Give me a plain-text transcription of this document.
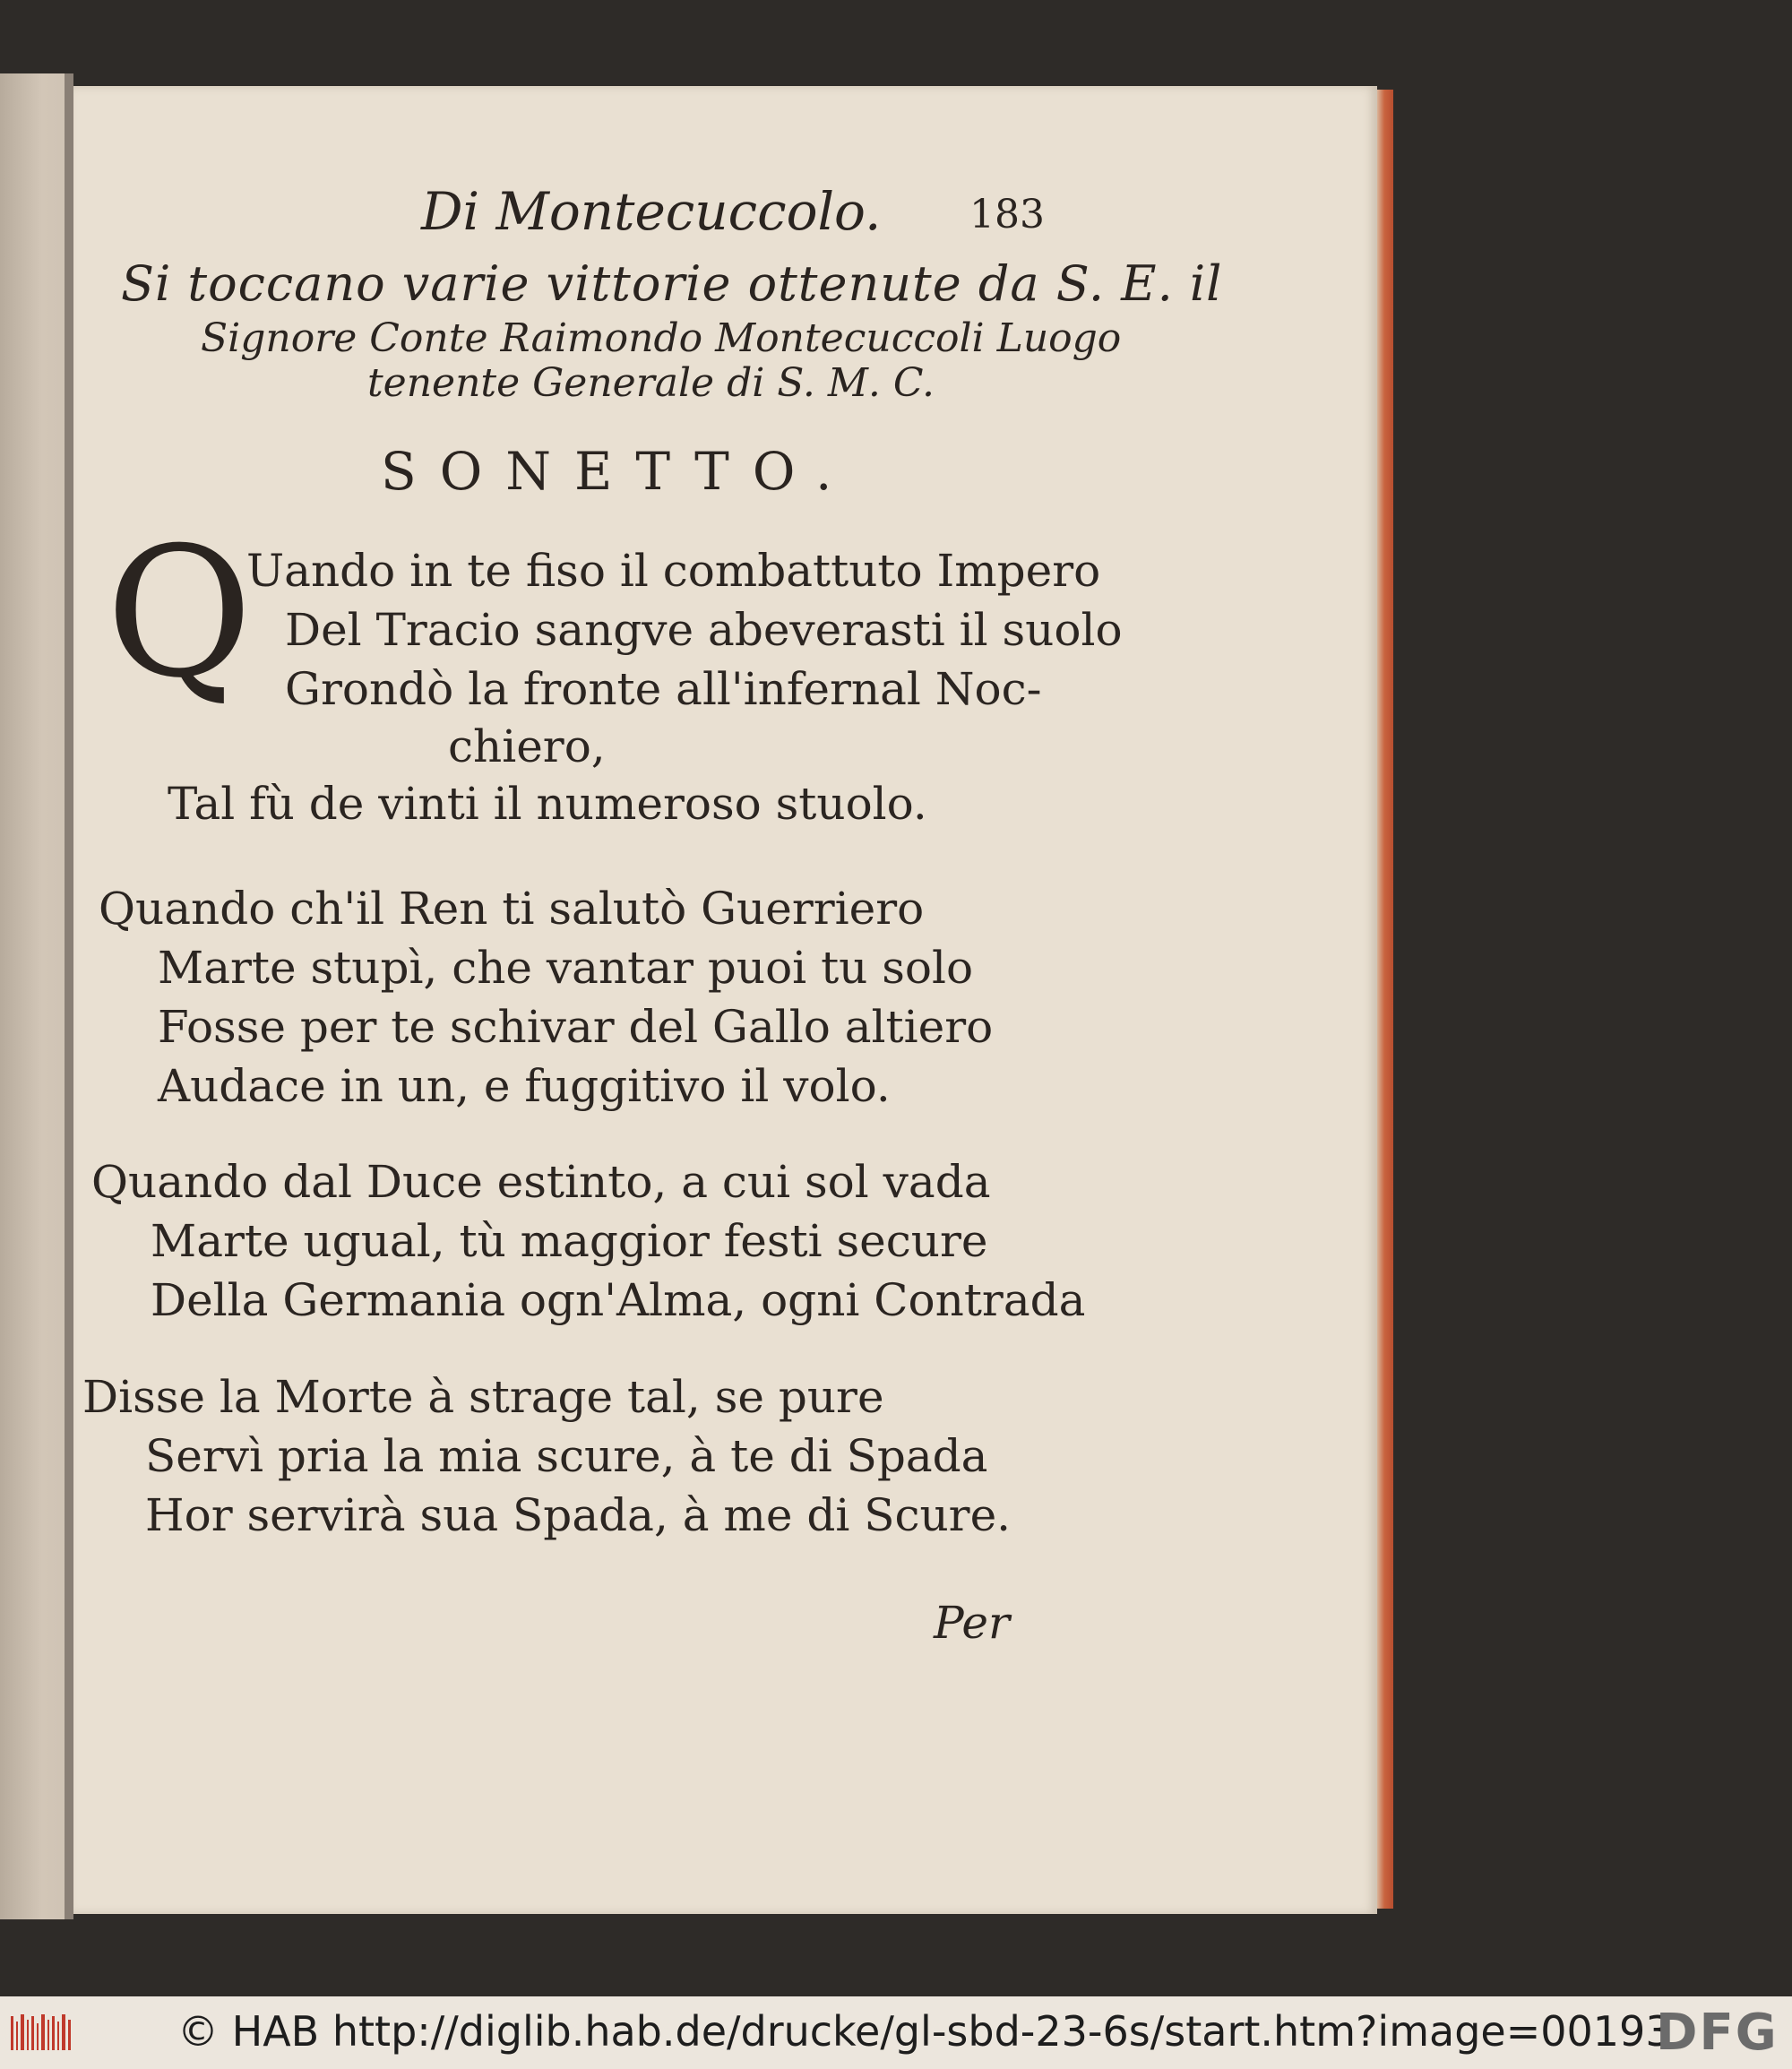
Di Montecuccolo. 183
Si toccano varie vittorie ottenute da S. E. il
Signore Conte Raimondo Montecuccoli Luogo
tenente Generale di S. M. C.
SONETTO.
Q
Uando in te fiso il combattuto Impero
Del Tracio sangve abeverasti il suolo
Grondò la fronte all'infernal Noc-
chiero,
Tal fù de vinti il numeroso stuolo.
Quando ch'il Ren ti salutò Guerriero
Marte stupì, che vantar puoi tu solo
Fosse per te schivar del Gallo altiero
Audace in un, e fuggitivo il volo.
Quando dal Duce estinto, a cui sol vada
Marte ugual, tù maggior festi secure
Della Germania ogn'Alma, ogni Contrada
Disse la Morte à strage tal, se pure
Servì pria la mia scure, à te di Spada
Hor servirà sua Spada, à me di Scure.
Per
© HAB http://diglib.hab.de/drucke/gl-sbd-23-6s/start.htm?image=00193
DFG
